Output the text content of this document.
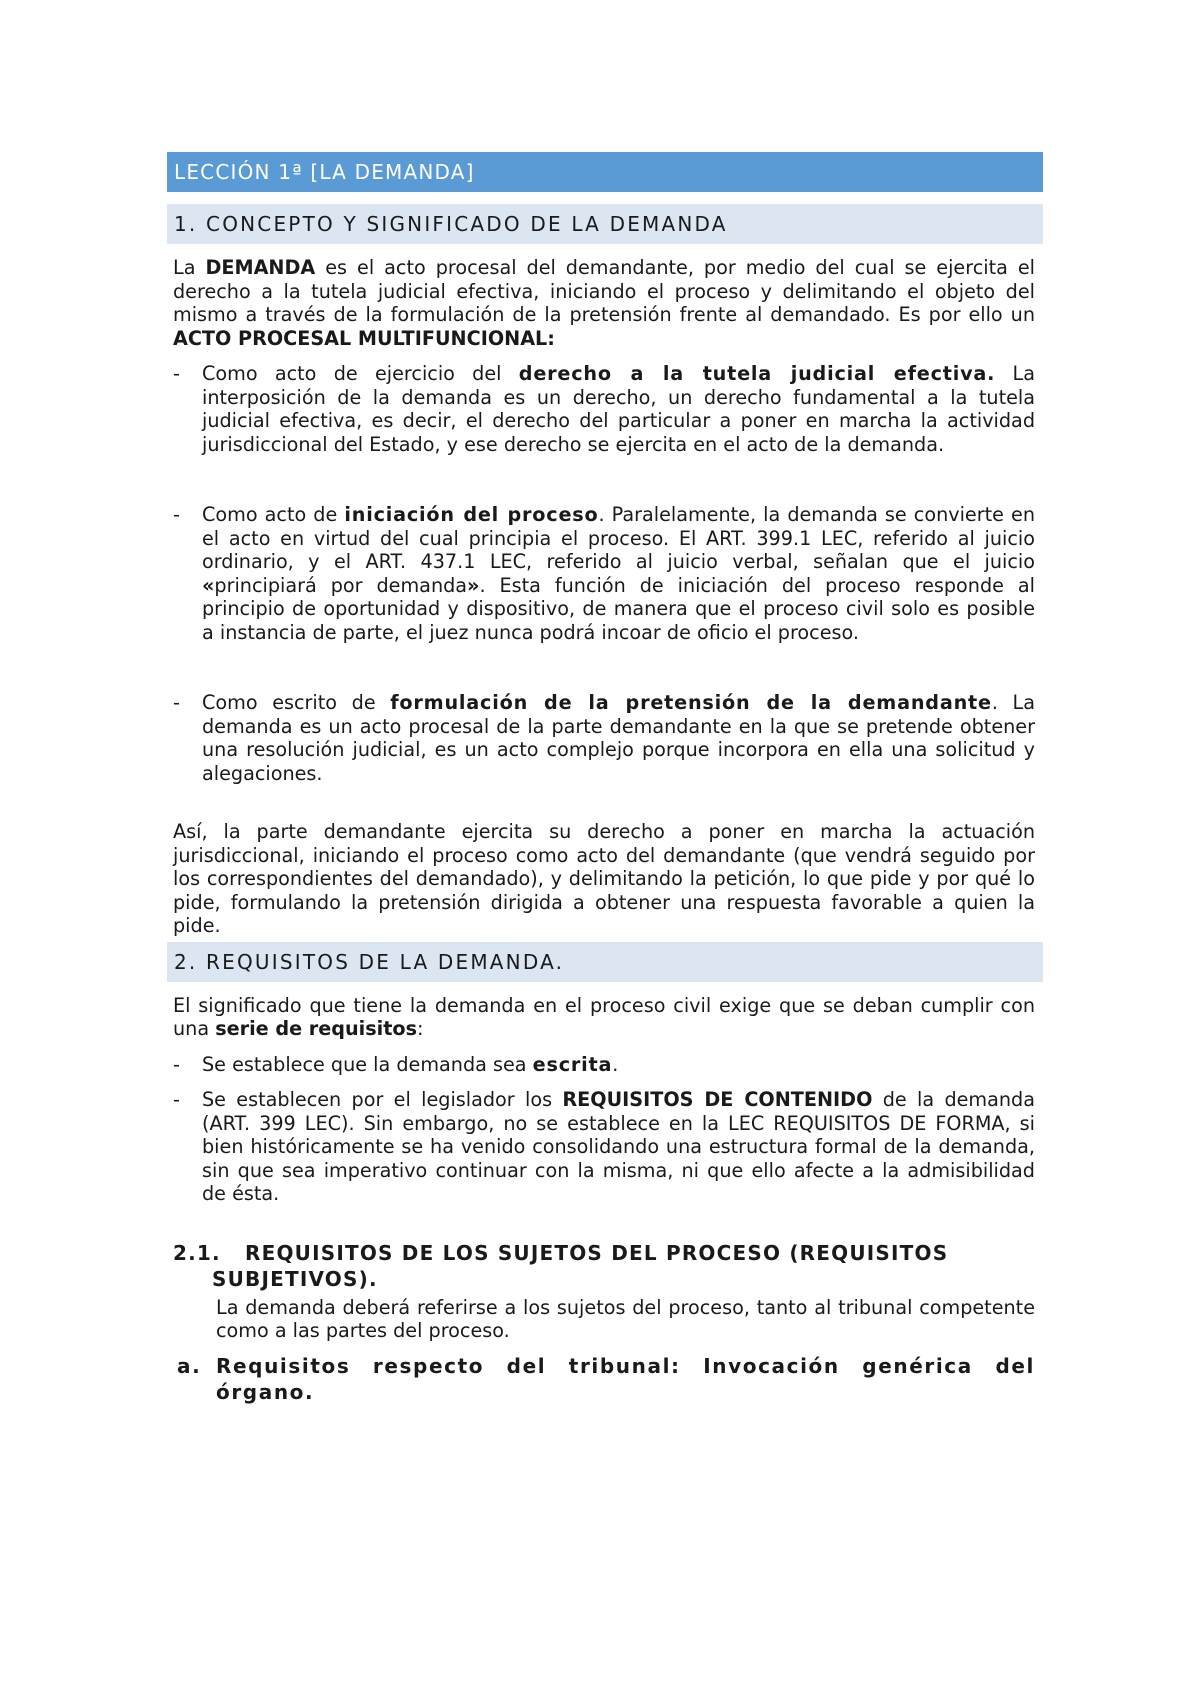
LECCIÓN 1ª [LA DEMANDA]
1. CONCEPTO Y SIGNIFICADO DE LA DEMANDA

La DEMANDA es el acto procesal del demandante, por medio del cual se ejercita el derecho a la tutela judicial efectiva, iniciando el proceso y delimitando el objeto del mismo a través de la formulación de la pretensión frente al demandado. Es por ello un ACTO PROCESAL MULTIFUNCIONAL:

- Como acto de ejercicio del derecho a la tutela judicial efectiva. La interposición de la demanda es un derecho, un derecho fundamental a la tutela judicial efectiva, es decir, el derecho del particular a poner en marcha la actividad jurisdiccional del Estado, y ese derecho se ejercita en el acto de la demanda.
- Como acto de iniciación del proceso. Paralelamente, la demanda se convierte en el acto en virtud del cual principia el proceso. El ART. 399.1 LEC, referido al juicio ordinario, y el ART. 437.1 LEC, referido al juicio verbal, señalan que el juicio «principiará por demanda». Esta función de iniciación del proceso responde al principio de oportunidad y dispositivo, de manera que el proceso civil solo es posible a instancia de parte, el juez nunca podrá incoar de oficio el proceso.
- Como escrito de formulación de la pretensión de la demandante. La demanda es un acto procesal de la parte demandante en la que se pretende obtener una resolución judicial, es un acto complejo porque incorpora en ella una solicitud y alegaciones.

Así, la parte demandante ejercita su derecho a poner en marcha la actuación jurisdiccional, iniciando el proceso como acto del demandante (que vendrá seguido por los correspondientes del demandado), y delimitando la petición, lo que pide y por qué lo pide, formulando la pretensión dirigida a obtener una respuesta favorable a quien la pide.

2. REQUISITOS DE LA DEMANDA.

El significado que tiene la demanda en el proceso civil exige que se deban cumplir con una serie de requisitos:

- Se establece que la demanda sea escrita.
- Se establecen por el legislador los REQUISITOS DE CONTENIDO de la demanda (ART. 399 LEC). Sin embargo, no se establece en la LEC REQUISITOS DE FORMA, si bien históricamente se ha venido consolidando una estructura formal de la demanda, sin que sea imperativo continuar con la misma, ni que ello afecte a la admisibilidad de ésta.
2.1. REQUISITOS DE LOS SUJETOS DEL PROCESO (REQUISITOS
SUBJETIVOS).

La demanda deberá referirse a los sujetos del proceso, tanto al tribunal competente como a las partes del proceso.

a. Requisitos respecto del tribunal: Invocación genérica del órgano.
